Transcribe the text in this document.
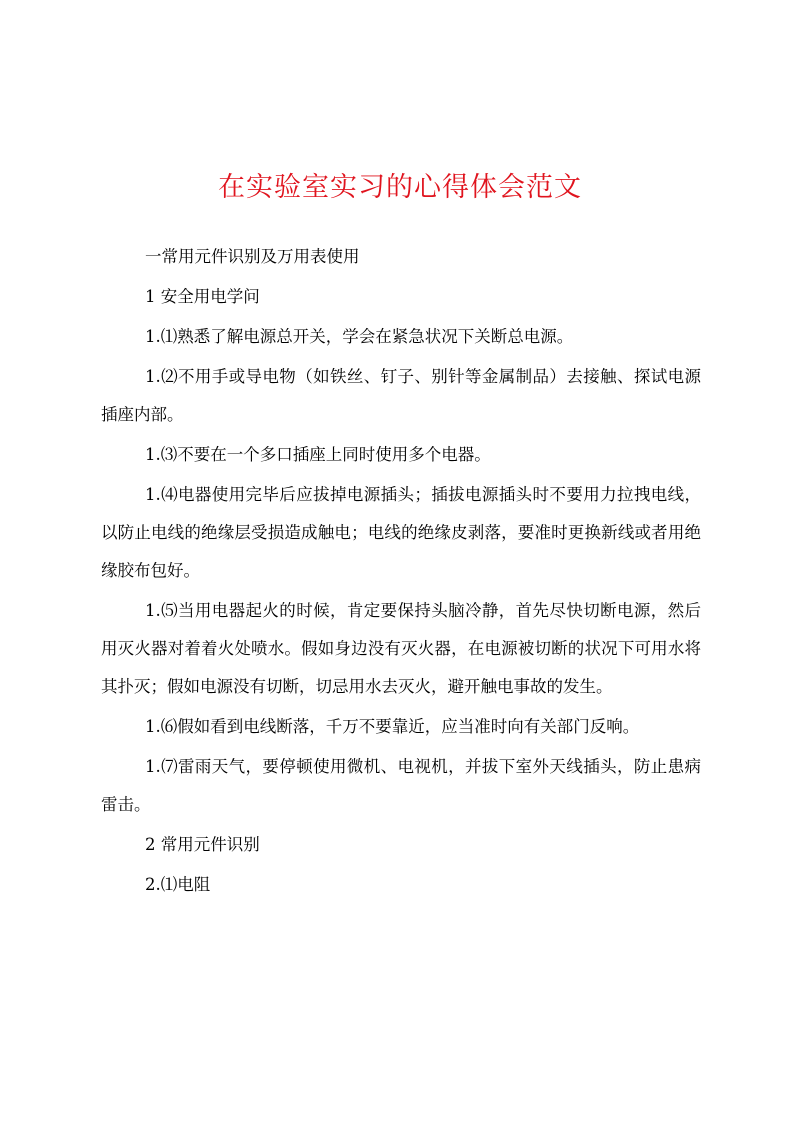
在实验室实习的心得体会范文

一常用元件识别及万用表使用

1 安全用电学问

1.⑴熟悉了解电源总开关，学会在紧急状况下关断总电源。

1.⑵不用手或导电物（如铁丝、钉子、别针等金属制品）去接触、探试电源插座内部。

1.⑶不要在一个多口插座上同时使用多个电器。

1.⑷电器使用完毕后应拔掉电源插头；插拔电源插头时不要用力拉拽电线，以防止电线的绝缘层受损造成触电；电线的绝缘皮剥落，要准时更换新线或者用绝缘胶布包好。

1.⑸当用电器起火的时候，肯定要保持头脑冷静，首先尽快切断电源，然后用灭火器对着着火处喷水。假如身边没有灭火器，在电源被切断的状况下可用水将其扑灭；假如电源没有切断，切忌用水去灭火，避开触电事故的发生。

1.⑹假如看到电线断落，千万不要靠近，应当准时向有关部门反响。

1.⑺雷雨天气，要停顿使用微机、电视机，并拔下室外天线插头，防止患病雷击。

2 常用元件识别

2.⑴电阻
